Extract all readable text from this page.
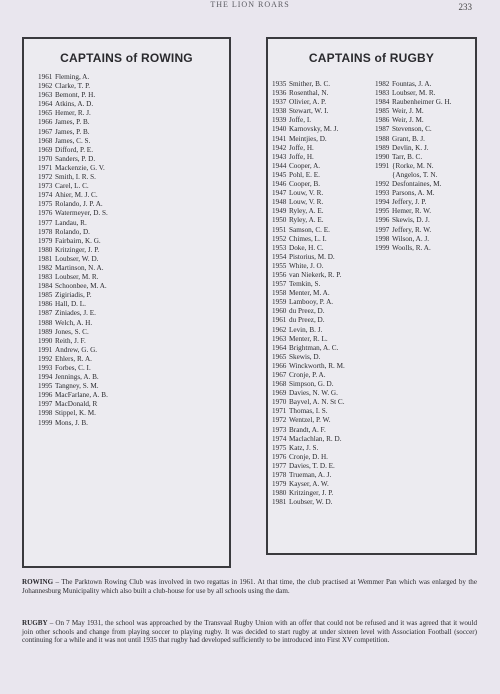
THE LION ROARS	233
CAPTAINS of ROWING
1961 Fleming, A.
1962 Clarke, T. P.
1963 Bemont, P. H.
1964 Atkins, A. D.
1965 Hemer, R. J.
1966 James, P. B.
1967 James, P. B.
1968 James, C. S.
1969 Difford, P. E.
1970 Sanders, P. D.
1971 Mackenzie, G. V.
1972 Smith, I. R. S.
1973 Carel, L. C.
1974 Ahier, M. J. C.
1975 Rolando, J. P. A.
1976 Watermeyer, D. S.
1977 Landau, R.
1978 Rolando, D.
1979 Fairbairn, K. G.
1980 Kritzinger, J. P.
1981 Loubser, W. D.
1982 Martinson, N. A.
1983 Loubser, M. R.
1984 Schoonbee, M. A.
1985 Zigiriadis, P.
1986 Hall, D. L.
1987 Ziniades, J. E.
1988 Welch, A. H.
1989 Jones, S. C.
1990 Reith, J. F.
1991 Andrew, G. G.
1992 Ehlers, R. A.
1993 Forbes, C. I.
1994 Jennings, A. B.
1995 Tangney, S. M.
1996 MacFarlane, A. B.
1997 MacDonald, R
1998 Stippel, K. M.
1999 Mons, J. B.
CAPTAINS of RUGBY
1935 Smither, B. C.
1936 Rosenthal, N.
1937 Olivier, A. P.
1938 Stewart, W. I.
1939 Joffe, I.
1940 Karnovsky, M. J.
1941 Meintjies, D.
1942 Joffe, H.
1943 Joffe, H.
1944 Cooper, A.
1945 Pohl, E. E.
1946 Cooper, B.
1947 Louw, V. R.
1948 Louw, V. R.
1949 Ryley, A. E.
1950 Ryley, A. E.
1951 Samson, C. E.
1952 Chimes, L. I.
1953 Doke, H. C.
1954 Pistorius, M. D.
1955 White, J. O.
1956 van Niekerk, R. P.
1957 Temkin, S.
1958 Menter, M. A.
1959 Lambooy, P. A.
1960 du Preez, D.
1961 du Preez, D.
1962 Levin, B. J.
1963 Menter, R. L.
1964 Brightman, A. C.
1965 Skewis, D.
1966 Winckworth, R. M.
1967 Cronje, P. A.
1968 Simpson, G. D.
1969 Davies, N. W. G.
1970 Bayvel, A. N. St C.
1971 Thomas, I. S.
1972 Wentzel, P. W.
1973 Brandt, A. F.
1974 Maclachlan, R. D.
1975 Katz, J. S.
1976 Cronje, D. H.
1977 Davies, T. D. E.
1978 Trueman, A. J.
1979 Kayser, A. W.
1980 Kritzinger, J. P.
1981 Loubser, W. D.
1982 Fountas, J. A.
1983 Loubser, M. R.
1984 Raubenheimer G. H.
1985 Weir, J. M.
1986 Weir, J. M.
1987 Stevenson, C.
1988 Grant, B. J.
1989 Devlin, K. J.
1990 Tarr, B. C.
1991 {Rorke, M. N.
{Angelos, T. N.
1992 Desfontaines, M.
1993 Parsons, A. M.
1994 Jeffery, J. P.
1995 Hemer, R. W.
1996 Skewis, D. J.
1997 Jeffery, R. W.
1998 Wilson, A. J.
1999 Woolls, R. A.
ROWING – The Parktown Rowing Club was involved in two regattas in 1961. At that time, the club practised at Wemmer Pan which was enlarged by the Johannesburg Municipality which also built a club-house for use by all schools using the dam.
RUGBY – On 7 May 1931, the school was approached by the Transvaal Rugby Union with an offer that could not be refused and it was agreed that it would join other schools and change from playing soccer to playing rugby. It was decided to start rugby at under sixteen level with Association Football (soccer) continuing for a while and it was not until 1935 that rugby had developed sufficiently to be introduced into First XV competition.
